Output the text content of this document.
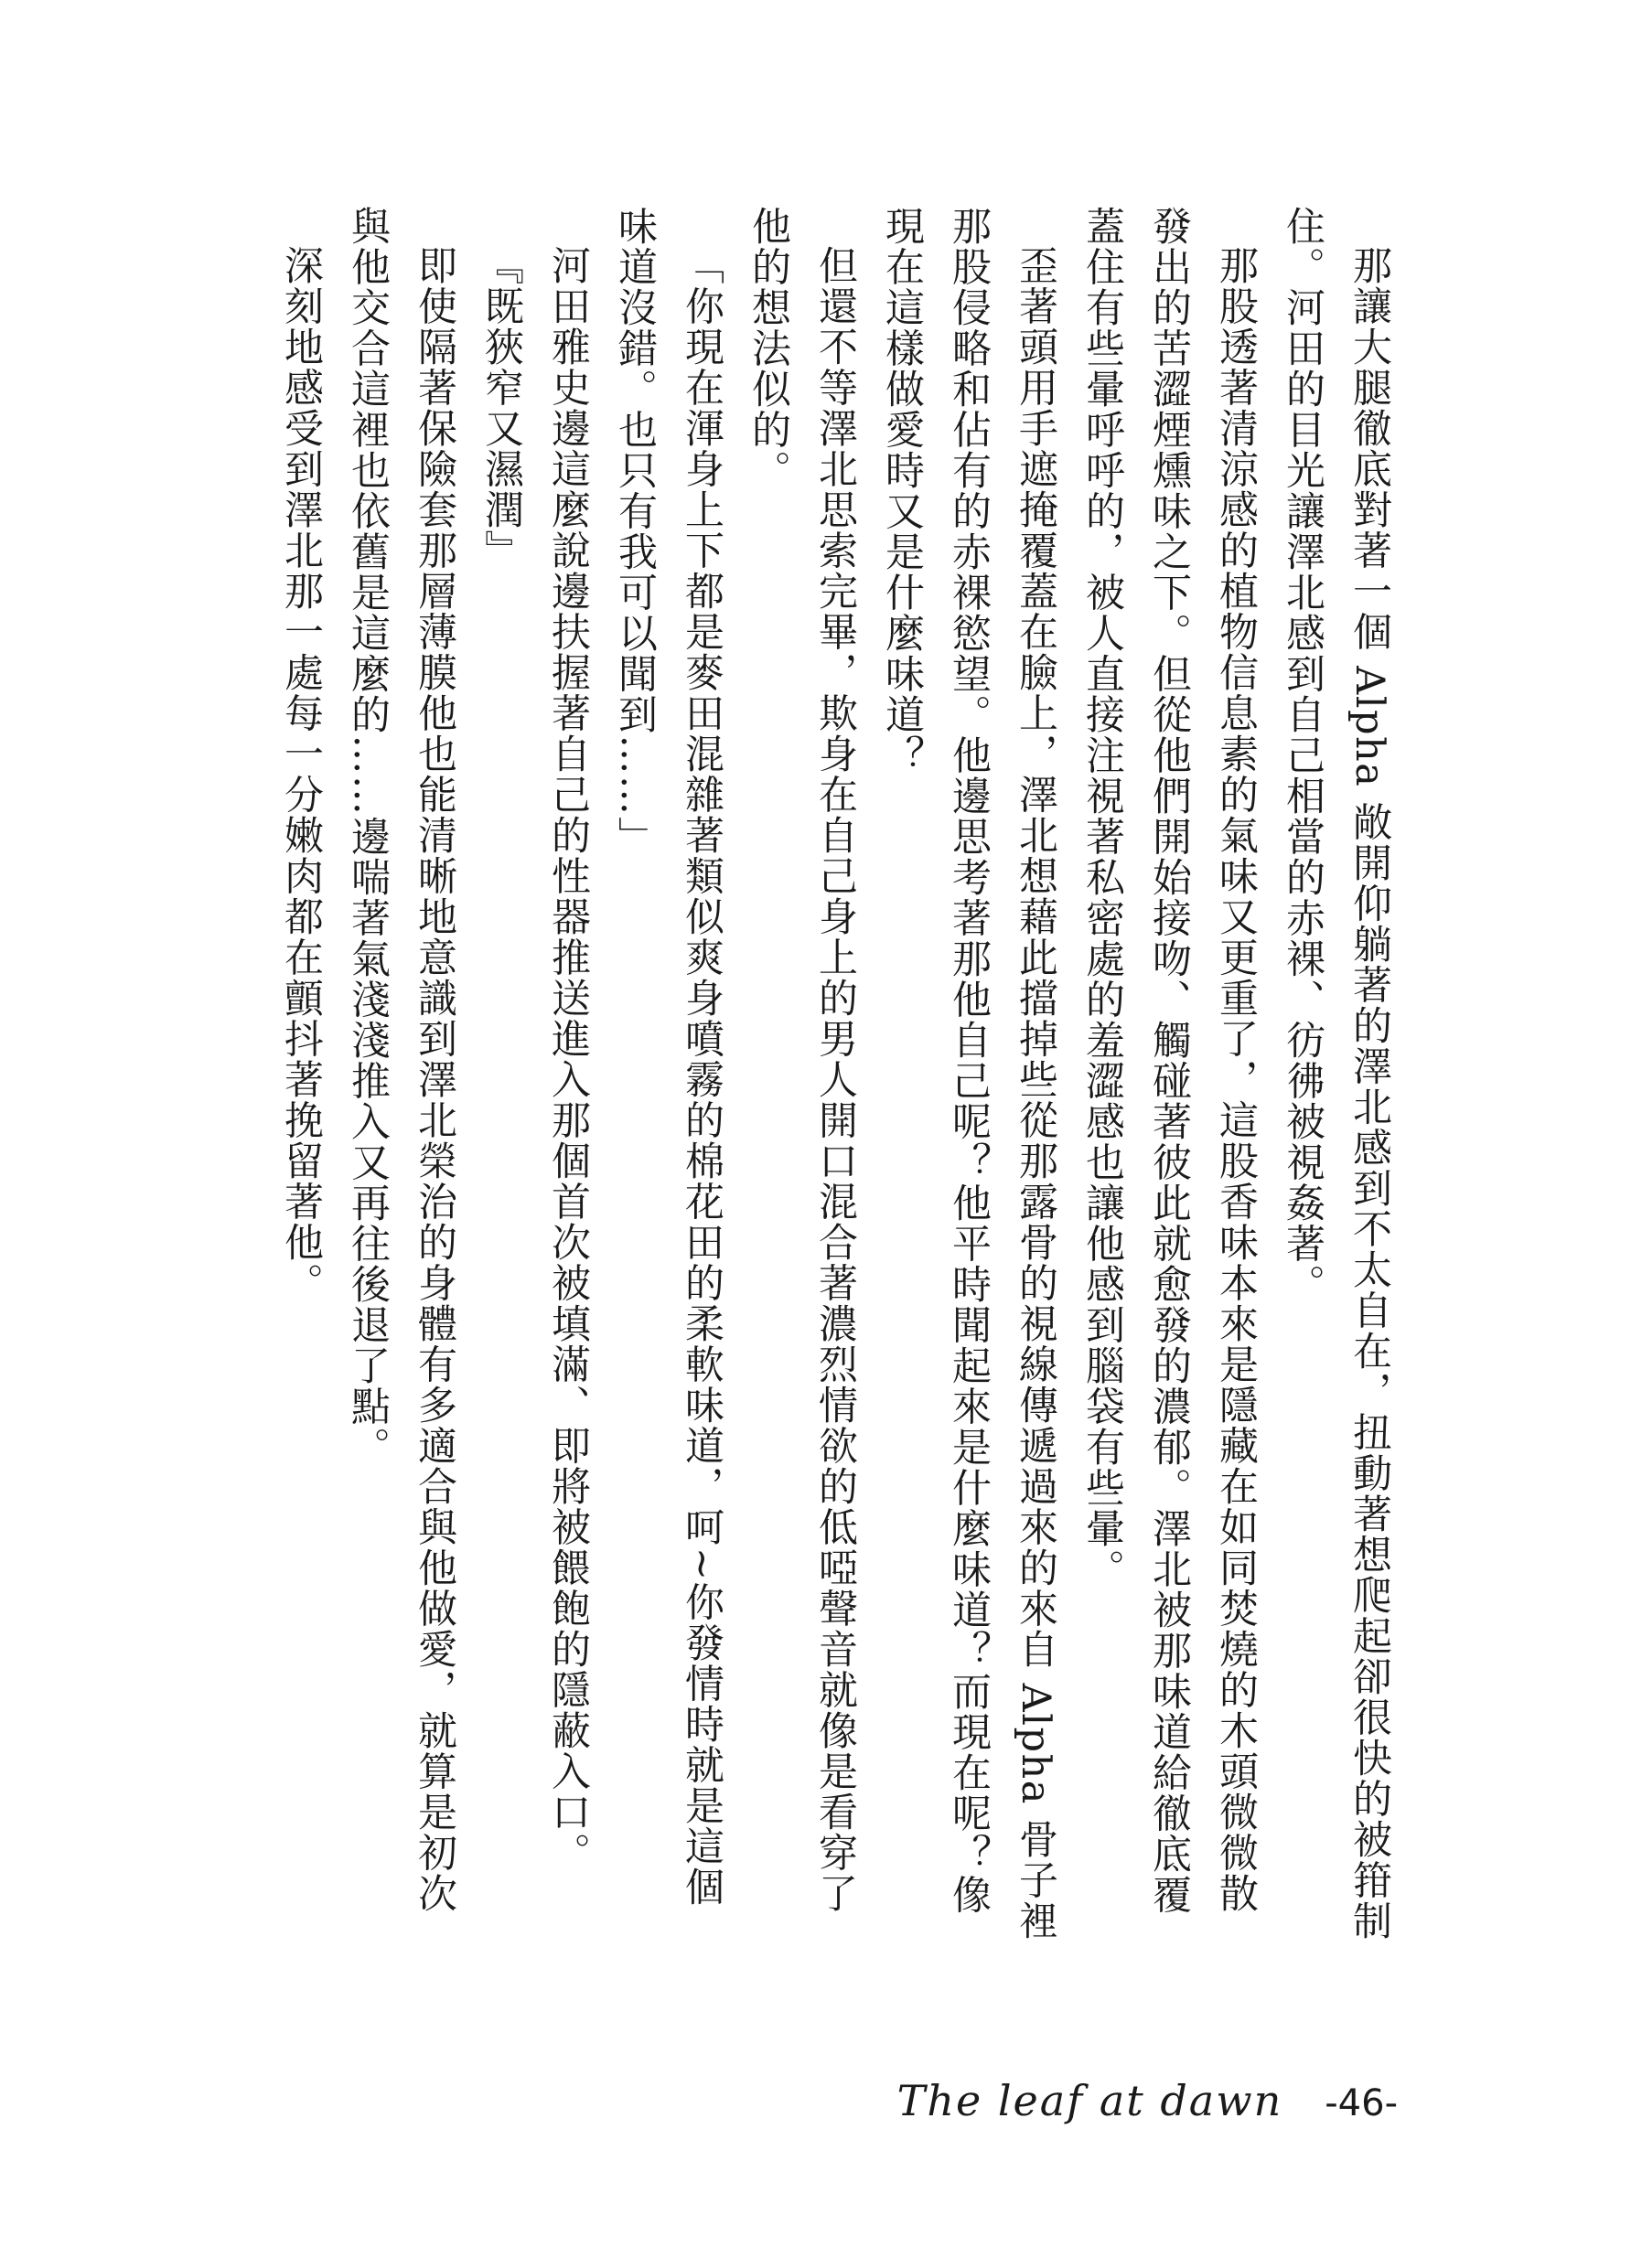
那讓大腿徹底對著一個 Alpha 敞開仰躺著的澤北感到不太自在，扭動著想爬起卻很快的被箝制住。河田的目光讓澤北感到自己相當的赤裸、彷彿被視姦著。

那股透著清涼感的植物信息素的氣味又更重了，這股香味本來是隱藏在如同焚燒的木頭微微散發出的苦澀煙燻味之下。但從他們開始接吻、觸碰著彼此就愈發的濃郁。澤北被那味道給徹底覆蓋住有些暈呼呼的，被人直接注視著私密處的羞澀感也讓他感到腦袋有些暈。

歪著頭用手遮掩覆蓋在臉上，澤北想藉此擋掉些從那露骨的視線傳遞過來的來自 Alpha 骨子裡那股侵略和佔有的赤裸慾望。他邊思考著那他自己呢？他平時聞起來是什麼味道？而現在呢？像現在這樣做愛時又是什麼味道？

但還不等澤北思索完畢，欺身在自己身上的男人開口混合著濃烈情欲的低啞聲音就像是看穿了他的想法似的。

「你現在渾身上下都是麥田混雜著類似爽身噴霧的棉花田的柔軟味道，呵~你發情時就是這個味道沒錯。也只有我可以聞到……」

河田雅史邊這麼說邊扶握著自己的性器推送進入那個首次被填滿、即將被餵飽的隱蔽入口。

『既狹窄又濕潤』

即使隔著保險套那層薄膜他也能清晰地意識到澤北榮治的身體有多適合與他做愛，就算是初次與他交合這裡也依舊是這麼的……邊喘著氣淺淺推入又再往後退了點。

深刻地感受到澤北那一處每一分嫩肉都在顫抖著挽留著他。

The leaf at dawn -46-
